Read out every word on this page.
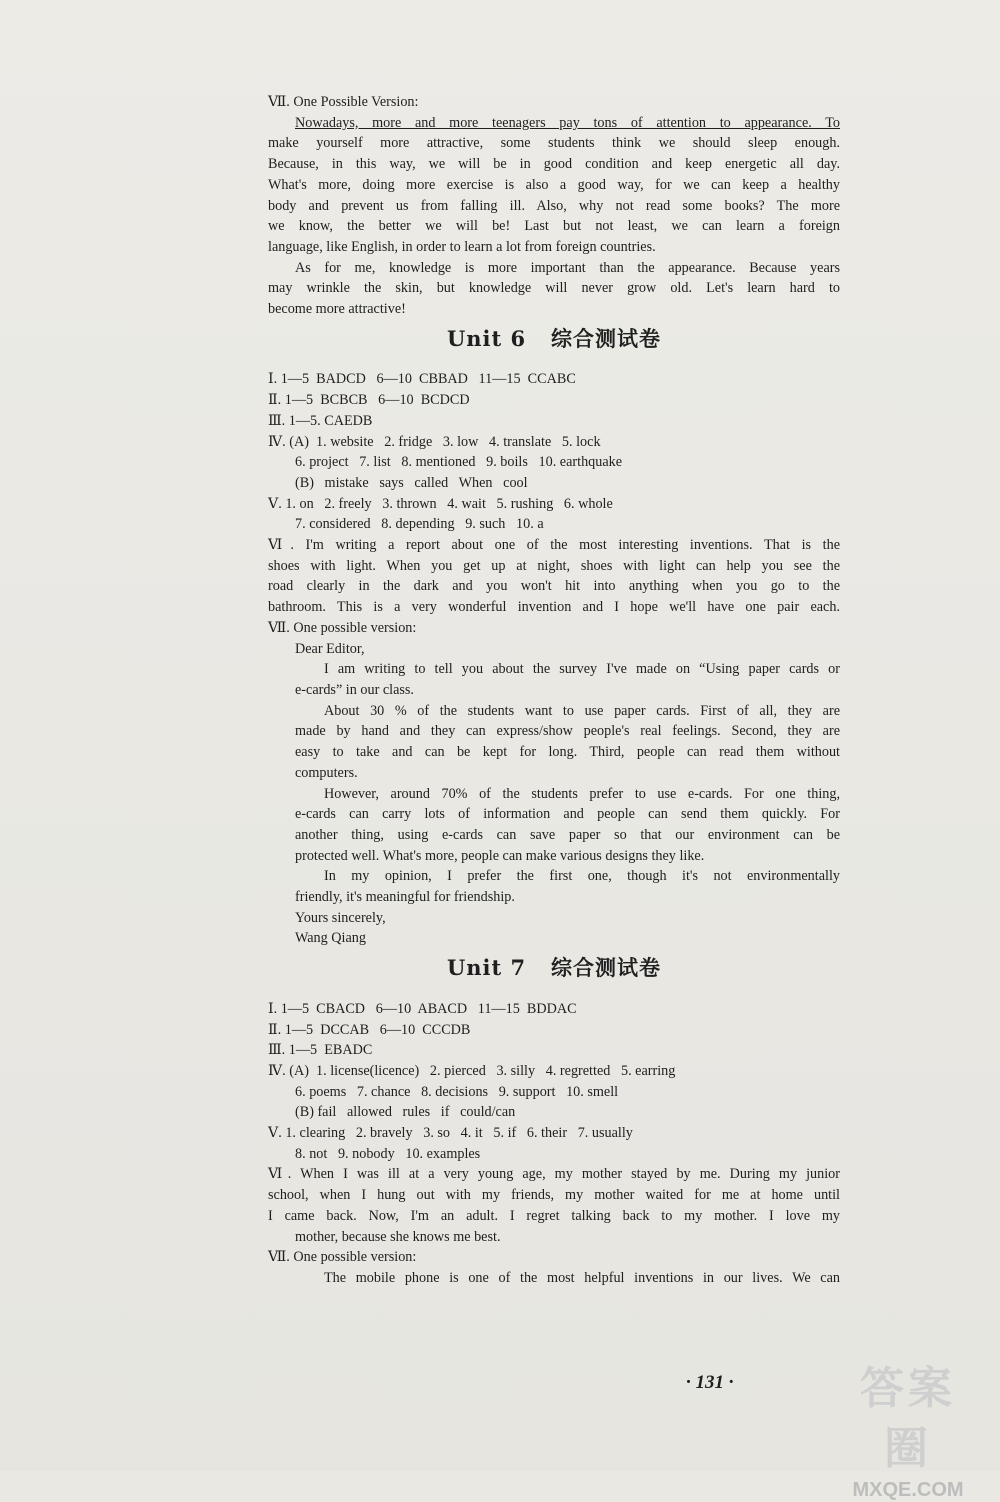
Ⅶ. One Possible Version:
Nowadays, more and more teenagers pay tons of attention to appearance. To
make yourself more attractive, some students think we should sleep enough.
Because, in this way, we will be in good condition and keep energetic all day.
What's more, doing more exercise is also a good way, for we can keep a healthy
body and prevent us from falling ill. Also, why not read some books? The more
we know, the better we will be! Last but not least, we can learn a foreign
language, like English, in order to learn a lot from foreign countries.
As for me, knowledge is more important than the appearance. Because years
may wrinkle the skin, but knowledge will never grow old. Let's learn hard to
become more attractive!
Unit 6   综合测试卷
Ⅰ. 1—5  BADCD   6—10  CBBAD   11—15  CCABC
Ⅱ. 1—5  BCBCB   6—10  BCDCD
Ⅲ. 1—5. CAEDB
Ⅳ. (A)  1. website   2. fridge   3. low   4. translate   5. lock
6. project   7. list   8. mentioned   9. boils   10. earthquake
(B)   mistake   says   called   When   cool
Ⅴ. 1. on   2. freely   3. thrown   4. wait   5. rushing   6. whole
7. considered   8. depending   9. such   10. a
Ⅵ. I'm writing a report about one of the most interesting inventions. That is the
shoes with light. When you get up at night, shoes with light can help you see the
road clearly in the dark and you won't hit into anything when you go to the
bathroom. This is a very wonderful invention and I hope we'll have one pair each.
Ⅶ. One possible version:
Dear Editor,
I am writing to tell you about the survey I've made on “Using paper cards or
e-cards” in our class.
About 30 % of the students want to use paper cards. First of all, they are
made by hand and they can express/show people's real feelings. Second, they are
easy to take and can be kept for long. Third, people can read them without
computers.
However, around 70% of the students prefer to use e-cards. For one thing,
e-cards can carry lots of information and people can send them quickly. For
another thing, using e-cards can save paper so that our environment can be
protected well. What's more, people can make various designs they like.
In my opinion, I prefer the first one, though it's not environmentally
friendly, it's meaningful for friendship.
Yours sincerely,
Wang Qiang
Unit 7   综合测试卷
Ⅰ. 1—5  CBACD   6—10  ABACD   11—15  BDDAC
Ⅱ. 1—5  DCCAB   6—10  CCCDB
Ⅲ. 1—5  EBADC
Ⅳ. (A)  1. license(licence)   2. pierced   3. silly   4. regretted   5. earring
6. poems   7. chance   8. decisions   9. support   10. smell
(B) fail   allowed   rules   if   could/can
Ⅴ. 1. clearing   2. bravely   3. so   4. it   5. if   6. their   7. usually
8. not   9. nobody   10. examples
Ⅵ. When I was ill at a very young age, my mother stayed by me. During my junior
school, when I hung out with my friends, my mother waited for me at home until
I came back. Now, I'm an adult. I regret talking back to my mother. I love my
mother, because she knows me best.
Ⅶ. One possible version:
The mobile phone is one of the most helpful inventions in our lives. We can
· 131 ·	答案圈
MXQE.COM
